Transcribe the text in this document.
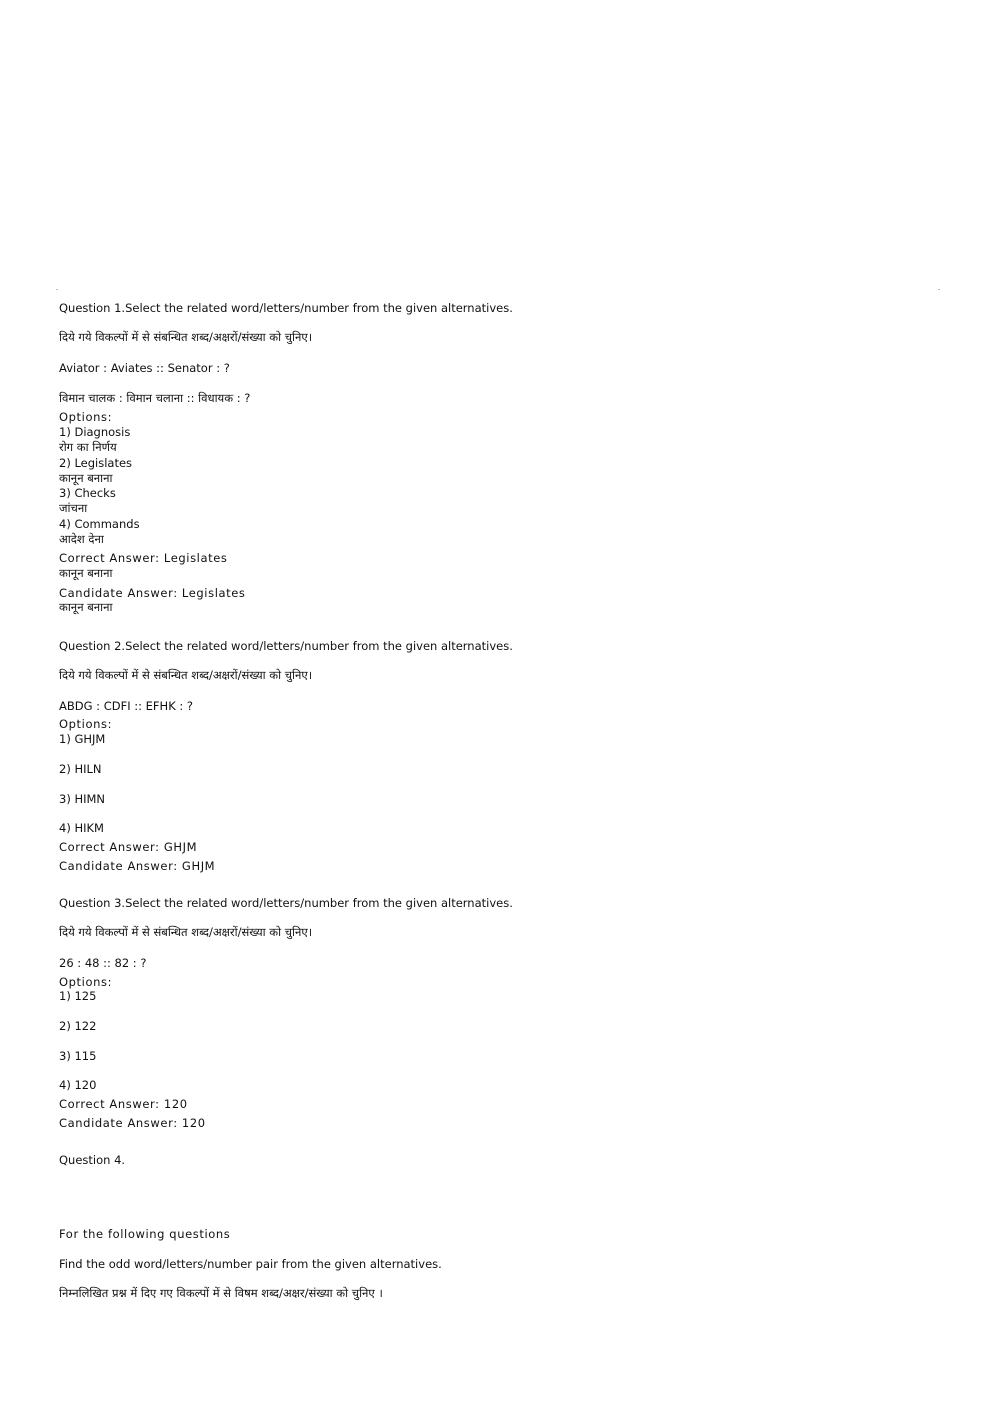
Question 1.Select the related word/letters/number from the given alternatives.
दिये गये विकल्पों में से संबन्धित शब्द/अक्षरों/संख्या को चुनिए।
Aviator : Aviates :: Senator : ?
विमान चालक : विमान चलाना :: विधायक : ?
Options:
1) Diagnosis
रोग का निर्णय
2) Legislates
कानून बनाना
3) Checks
जांचना
4) Commands
आदेश देना
Correct Answer: Legislates
कानून बनाना
Candidate Answer: Legislates
कानून बनाना
Question 2.Select the related word/letters/number from the given alternatives.
दिये गये विकल्पों में से संबन्धित शब्द/अक्षरों/संख्या को चुनिए।
ABDG : CDFI :: EFHK : ?
Options:
1) GHJM
2) HILN
3) HIMN
4) HIKM
Correct Answer: GHJM
Candidate Answer: GHJM
Question 3.Select the related word/letters/number from the given alternatives.
दिये गये विकल्पों में से संबन्धित शब्द/अक्षरों/संख्या को चुनिए।
26 : 48 :: 82 : ?
Options:
1) 125
2) 122
3) 115
4) 120
Correct Answer: 120
Candidate Answer: 120
Question 4.
For the following questions
Find the odd word/letters/number pair from the given alternatives.
निम्नलिखित प्रश्न में दिए गए विकल्पों में से विषम शब्द/अक्षर/संख्या को चुनिए ।
